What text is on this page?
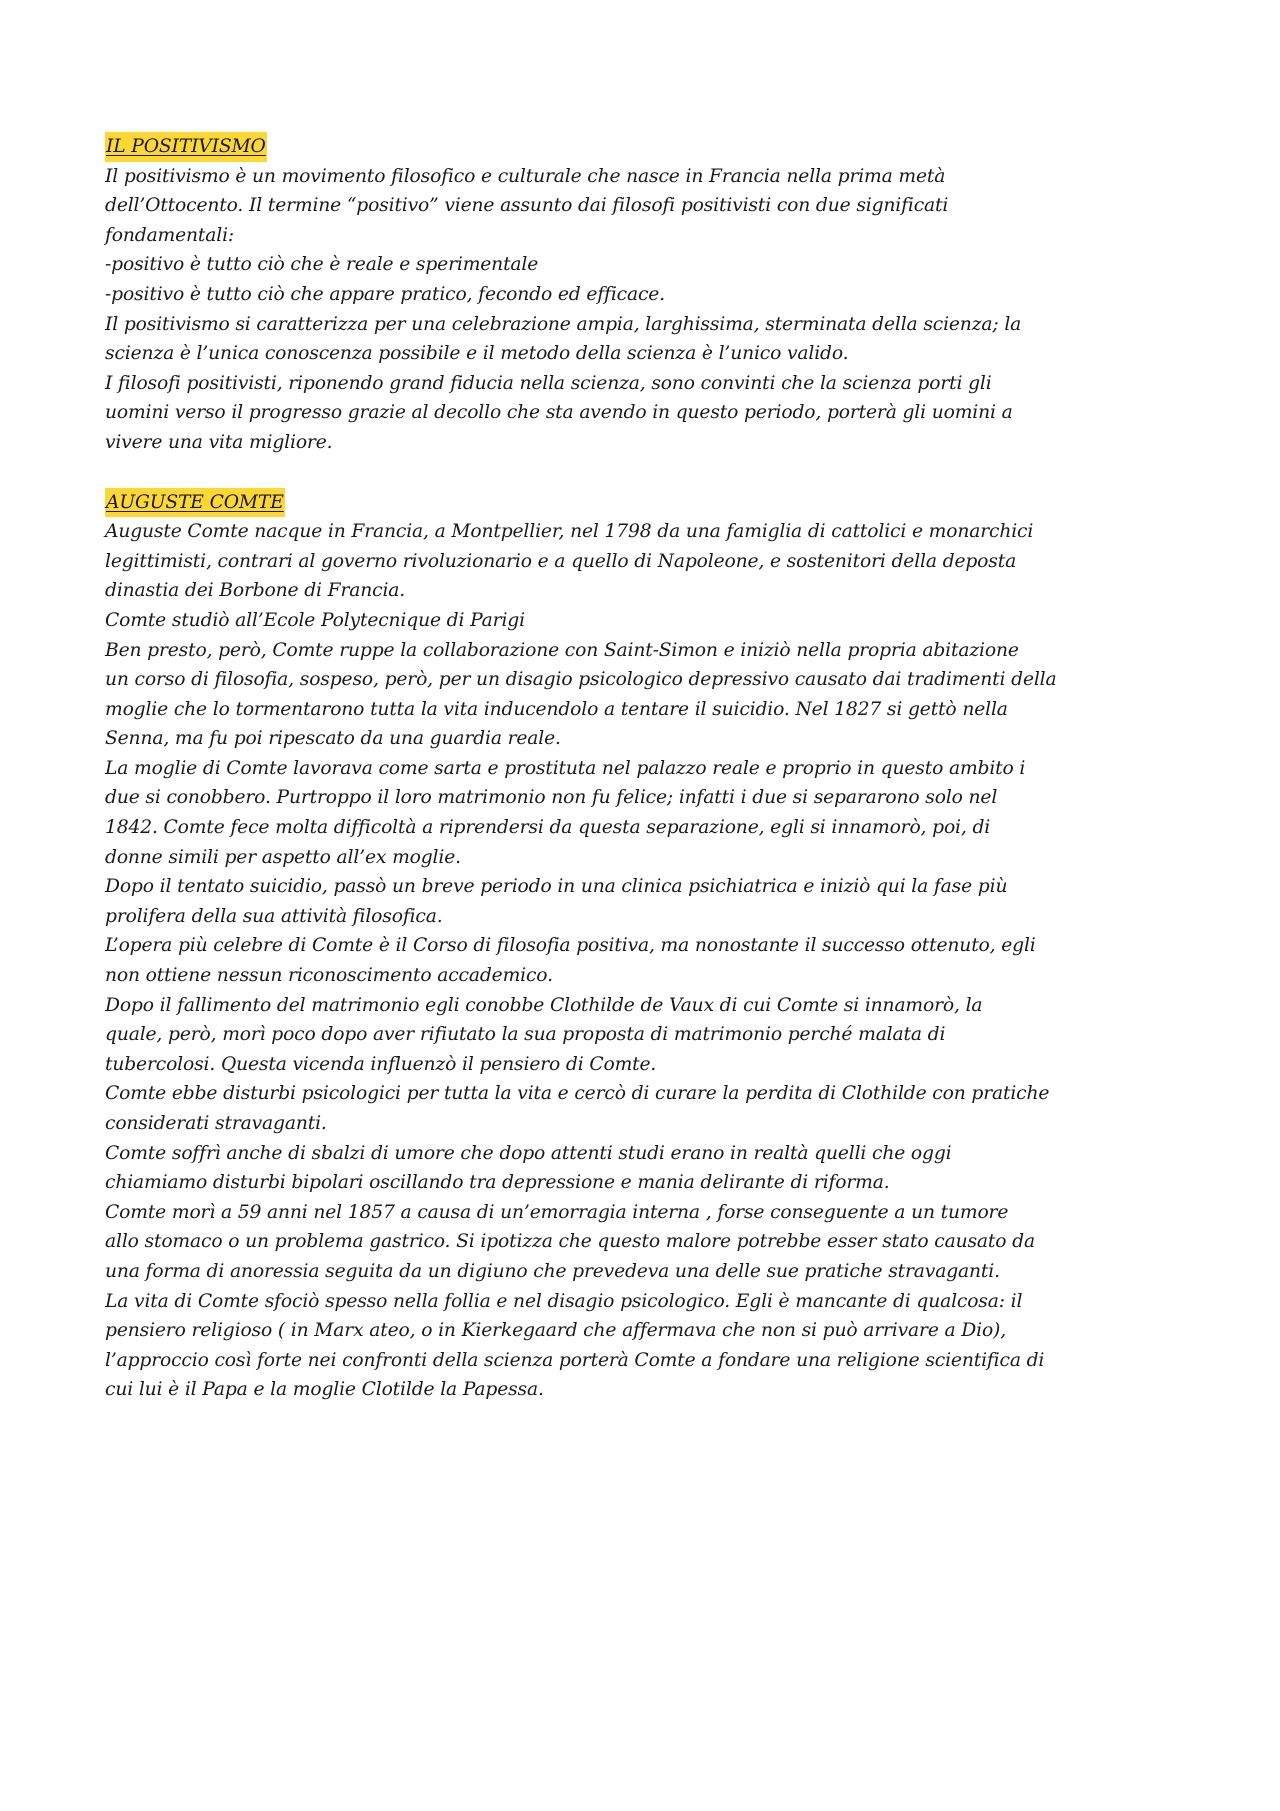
IL POSITIVISMO
Il positivismo è un movimento filosofico e culturale che nasce in Francia nella prima metà
dell’Ottocento. Il termine “positivo” viene assunto dai filosofi positivisti con due significati
fondamentali:
-positivo è tutto ciò che è reale e sperimentale
-positivo è tutto ciò che appare pratico, fecondo ed efficace.
Il positivismo si caratterizza per una celebrazione ampia, larghissima, sterminata della scienza; la
scienza è l’unica conoscenza possibile e il metodo della scienza è l’unico valido.
I filosofi positivisti, riponendo grand fiducia nella scienza, sono convinti che la scienza porti gli
uomini verso il progresso grazie al decollo che sta avendo in questo periodo, porterà gli uomini a
vivere una vita migliore.
AUGUSTE COMTE
Auguste Comte nacque in Francia, a Montpellier, nel 1798 da una famiglia di cattolici e monarchici
legittimisti, contrari al governo rivoluzionario e a quello di Napoleone, e sostenitori della deposta
dinastia dei Borbone di Francia.
Comte studiò all’Ecole Polytecnique di Parigi
Ben presto, però, Comte ruppe la collaborazione con Saint-Simon e iniziò nella propria abitazione
un corso di filosofia, sospeso, però, per un disagio psicologico depressivo causato dai tradimenti della
moglie che lo tormentarono tutta la vita inducendolo a tentare il suicidio. Nel 1827 si gettò nella
Senna, ma fu poi ripescato da una guardia reale.
La moglie di Comte lavorava come sarta e prostituta nel palazzo reale e proprio in questo ambito i
due si conobbero. Purtroppo il loro matrimonio non fu felice; infatti i due si separarono solo nel
1842. Comte fece molta difficoltà a riprendersi da questa separazione, egli si innamorò, poi, di
donne simili per aspetto all’ex moglie.
Dopo il tentato suicidio, passò un breve periodo in una clinica psichiatrica e iniziò qui la fase più
prolifera della sua attività filosofica.
L’opera più celebre di Comte è il Corso di filosofia positiva, ma nonostante il successo ottenuto, egli
non ottiene nessun riconoscimento accademico.
Dopo il fallimento del matrimonio egli conobbe Clothilde de Vaux di cui Comte si innamorò, la
quale, però, morì poco dopo aver rifiutato la sua proposta di matrimonio perché malata di
tubercolosi. Questa vicenda influenzò il pensiero di Comte.
Comte ebbe disturbi psicologici per tutta la vita e cercò di curare la perdita di Clothilde con pratiche
considerati stravaganti.
Comte soffrì anche di sbalzi di umore che dopo attenti studi erano in realtà quelli che oggi
chiamiamo disturbi bipolari oscillando tra depressione e mania delirante di riforma.
Comte morì a 59 anni nel 1857 a causa di un’emorragia interna , forse conseguente a un tumore
allo stomaco o un problema gastrico. Si ipotizza che questo malore potrebbe esser stato causato da
una forma di anoressia seguita da un digiuno che prevedeva una delle sue pratiche stravaganti.
La vita di Comte sfociò spesso nella follia e nel disagio psicologico. Egli è mancante di qualcosa: il
pensiero religioso ( in Marx ateo, o in Kierkegaard che affermava che non si può arrivare a Dio),
l’approccio così forte nei confronti della scienza porterà Comte a fondare una religione scientifica di
cui lui è il Papa e la moglie Clotilde la Papessa.
